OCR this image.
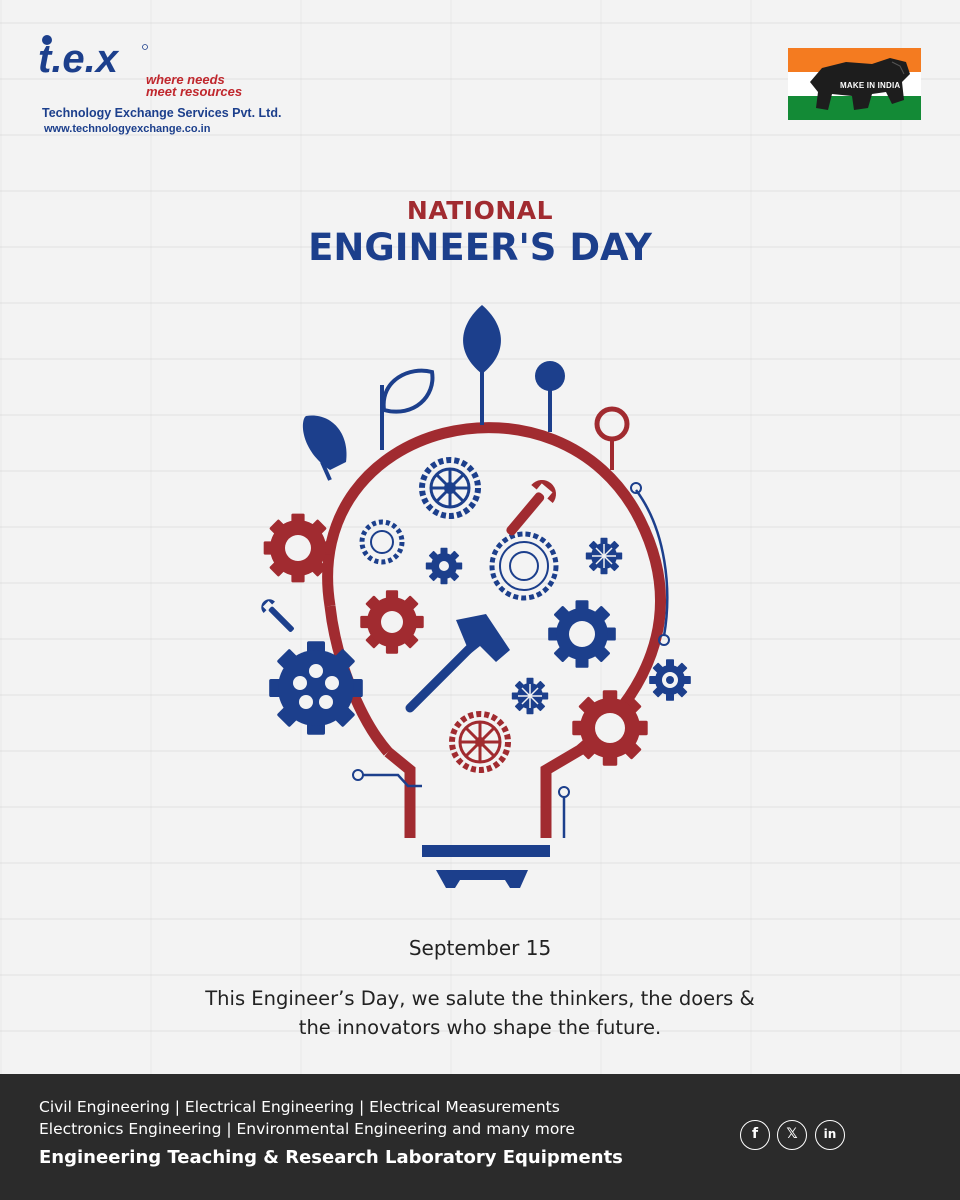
t.e.x where needs
meet resources
Technology Exchange Services Pvt. Ltd.
www.technologyexchange.co.in
MAKE IN INDIA
NATIONAL
ENGINEER'S DAY
September 15
This Engineer’s Day, we salute the thinkers, the doers &
the innovators who shape the future.
Civil Engineering | Electrical Engineering | Electrical Measurements
Electronics Engineering | Environmental Engineering and many more
Engineering Teaching & Research Laboratory Equipments
f	𝕏	in
